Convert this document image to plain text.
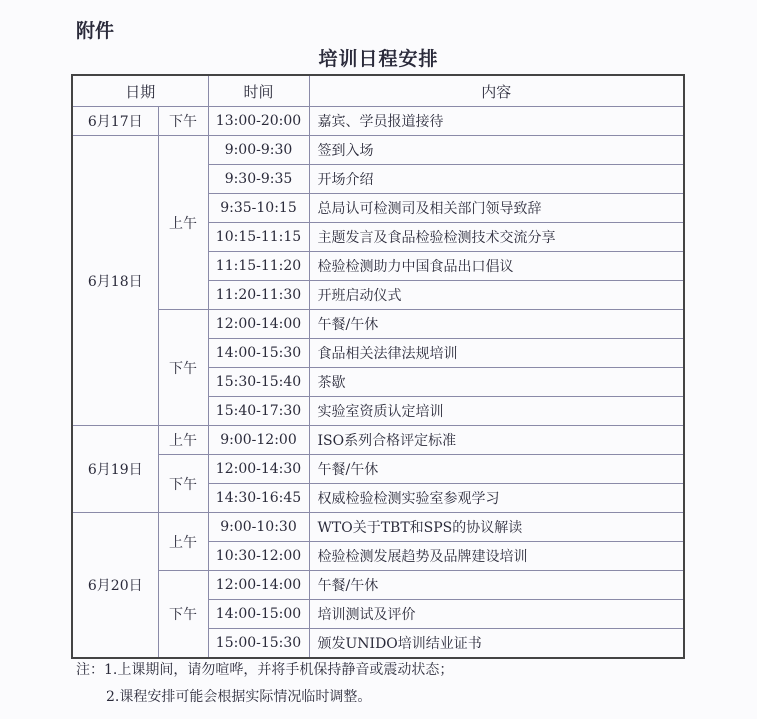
附件
培训日程安排
日期		时间	内容
6月17日	下午	13:00-20:00	嘉宾、学员报道接待
6月18日	上午	9:00-9:30	签到入场
		9:30-9:35	开场介绍
		9:35-10:15	总局认可检测司及相关部门领导致辞
		10:15-11:15	主题发言及食品检验检测技术交流分享
		11:15-11:20	检验检测助力中国食品出口倡议
		11:20-11:30	开班启动仪式
	下午	12:00-14:00	午餐/午休
		14:00-15:30	食品相关法律法规培训
		15:30-15:40	茶歇
		15:40-17:30	实验室资质认定培训
6月19日	上午	9:00-12:00	ISO系列合格评定标准
	下午	12:00-14:30	午餐/午休
		14:30-16:45	权威检验检测实验室参观学习
6月20日	上午	9:00-10:30	WTO关于TBT和SPS的协议解读
		10:30-12:00	检验检测发展趋势及品牌建设培训
	下午	12:00-14:00	午餐/午休
		14:00-15:00	培训测试及评价
		15:00-15:30	颁发UNIDO培训结业证书
注：1.上课期间，请勿喧哗，并将手机保持静音或震动状态；
2.课程安排可能会根据实际情况临时调整。
